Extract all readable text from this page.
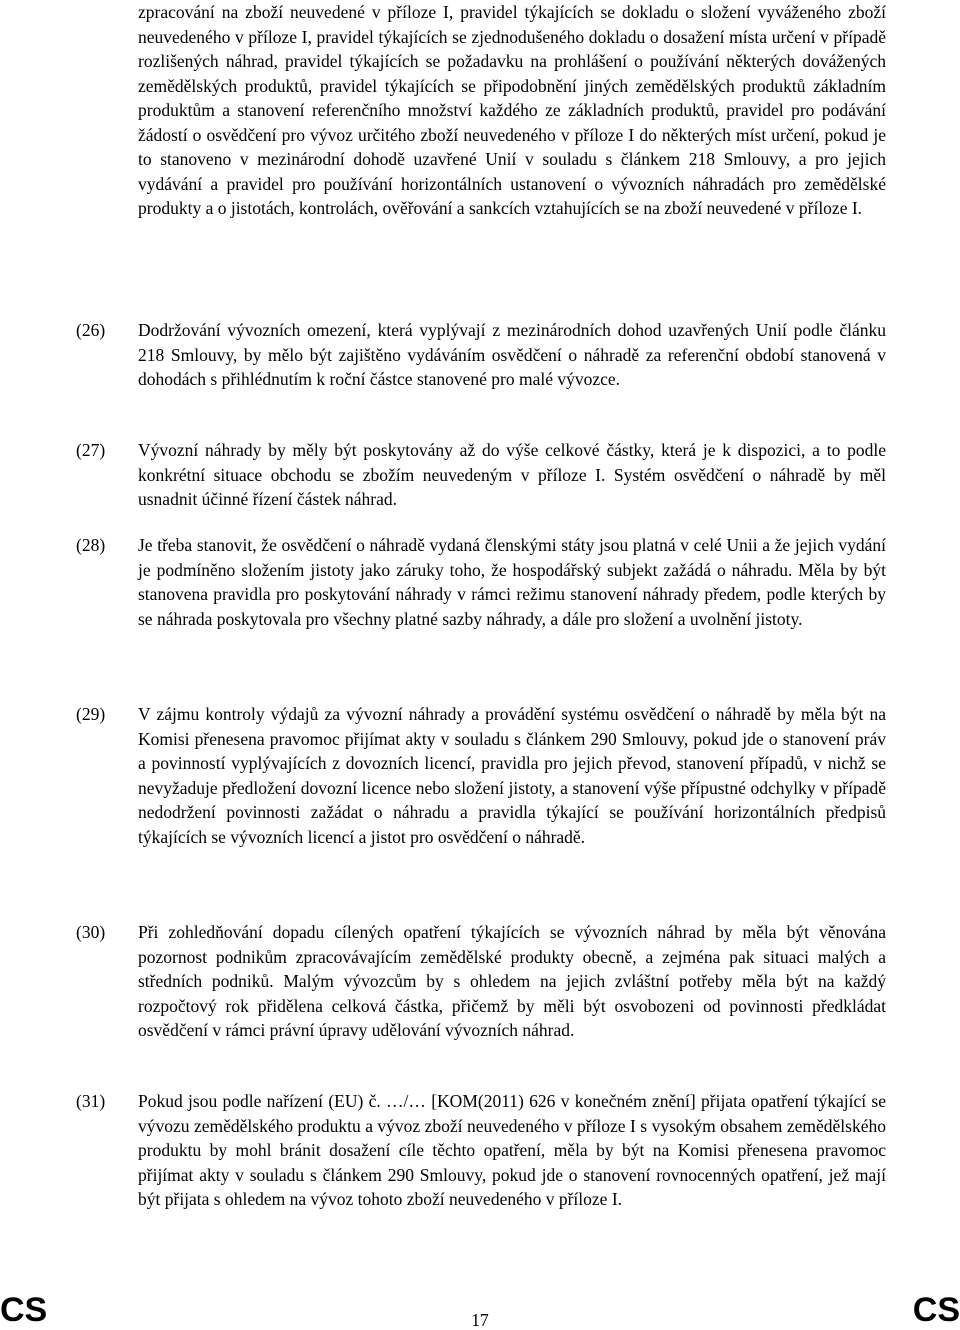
zpracování na zboží neuvedené v příloze I, pravidel týkajících se dokladu o složení vyváženého zboží neuvedeného v příloze I, pravidel týkajících se zjednodušeného dokladu o dosažení místa určení v případě rozlišených náhrad, pravidel týkajících se požadavku na prohlášení o používání některých dovážených zemědělských produktů, pravidel týkajících se připodobnění jiných zemědělských produktů základním produktům a stanovení referenčního množství každého ze základních produktů, pravidel pro podávání žádostí o osvědčení pro vývoz určitého zboží neuvedeného v příloze I do některých míst určení, pokud je to stanoveno v mezinárodní dohodě uzavřené Unií v souladu s článkem 218 Smlouvy, a pro jejich vydávání a pravidel pro používání horizontálních ustanovení o vývozních náhradách pro zemědělské produkty a o jistotách, kontrolách, ověřování a sankcích vztahujících se na zboží neuvedené v příloze I.

(26) Dodržování vývozních omezení, která vyplývají z mezinárodních dohod uzavřených Unií podle článku 218 Smlouvy, by mělo být zajištěno vydáváním osvědčení o náhradě za referenční období stanovená v dohodách s přihlédnutím k roční částce stanovené pro malé vývozce.

(27) Vývozní náhrady by měly být poskytovány až do výše celkové částky, která je k dispozici, a to podle konkrétní situace obchodu se zbožím neuvedeným v příloze I. Systém osvědčení o náhradě by měl usnadnit účinné řízení částek náhrad.

(28) Je třeba stanovit, že osvědčení o náhradě vydaná členskými státy jsou platná v celé Unii a že jejich vydání je podmíněno složením jistoty jako záruky toho, že hospodářský subjekt zažádá o náhradu. Měla by být stanovena pravidla pro poskytování náhrady v rámci režimu stanovení náhrady předem, podle kterých by se náhrada poskytovala pro všechny platné sazby náhrady, a dále pro složení a uvolnění jistoty.

(29) V zájmu kontroly výdajů za vývozní náhrady a provádění systému osvědčení o náhradě by měla být na Komisi přenesena pravomoc přijímat akty v souladu s článkem 290 Smlouvy, pokud jde o stanovení práv a povinností vyplývajících z dovozních licencí, pravidla pro jejich převod, stanovení případů, v nichž se nevyžaduje předložení dovozní licence nebo složení jistoty, a stanovení výše přípustné odchylky v případě nedodržení povinnosti zažádat o náhradu a pravidla týkající se používání horizontálních předpisů týkajících se vývozních licencí a jistot pro osvědčení o náhradě.

(30) Při zohledňování dopadu cílených opatření týkajících se vývozních náhrad by měla být věnována pozornost podnikům zpracovávajícím zemědělské produkty obecně, a zejména pak situaci malých a středních podniků. Malým vývozcům by s ohledem na jejich zvláštní potřeby měla být na každý rozpočtový rok přidělena celková částka, přičemž by měli být osvobozeni od povinnosti předkládat osvědčení v rámci právní úpravy udělování vývozních náhrad.

(31) Pokud jsou podle nařízení (EU) č. …/… [KOM(2011) 626 v konečném znění] přijata opatření týkající se vývozu zemědělského produktu a vývoz zboží neuvedeného v příloze I s vysokým obsahem zemědělského produktu by mohl bránit dosažení cíle těchto opatření, měla by být na Komisi přenesena pravomoc přijímat akty v souladu s článkem 290 Smlouvy, pokud jde o stanovení rovnocenných opatření, jež mají být přijata s ohledem na vývoz tohoto zboží neuvedeného v příloze I.

CS	17	CS
